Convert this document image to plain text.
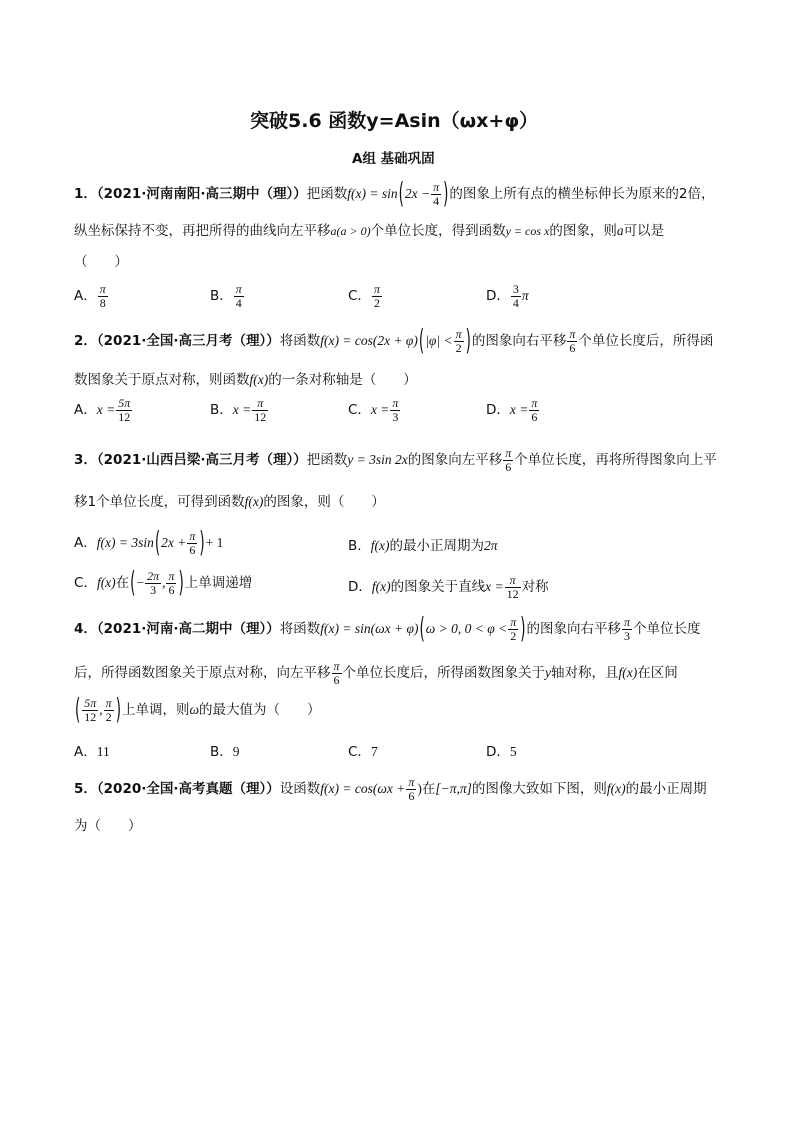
突破5.6 函数y=Asin（ωx+φ）
A组 基础巩固
1．（2021·河南南阳·高三期中（理））把函数$f(x) = \sin(2x - \frac{\pi}{4}$ )的图象上所有点的横坐标伸长为原来的2倍，
纵坐标保持不变，再把所得的曲线向左平移a(a > 0)个单位长度，得到函数y = cos x的图象，则a可以是
（　　）
A． $\frac{\pi}{8}$	B． $\frac{\pi}{4}$	C． $\frac{\pi}{2}$	D． $\frac{3}{4}$ π
2．（2021·全国·高三月考（理））将函数$f(x) = \cos(2x + \varphi)(|\varphi| < \frac{\pi}{2}$ )的图象向右平移 $\frac{\pi}{6}$ 个单位长度后，所得函
数图象关于原点对称，则函数f(x)的一条对称轴是（　　）
A．$x = \frac{5\pi}{12}$	B．$x = \frac{\pi}{12}$	C．$x = \frac{\pi}{3}$	D．$x = \frac{\pi}{6}$
3．（2021·山西吕梁·高三月考（理））把函数y = 3sin 2x的图象向左平移 $\frac{\pi}{6}$ 个单位长度，再将所得图象向上平
移1个单位长度，可得到函数f(x)的图象，则（　　）
A．$f(x) = 3\sin(2x + \frac{\pi}{6}$ )+ 1	B．f(x)的最小正周期为2π
C．f(x)在(− $\frac{2\pi}{3}$ , $\frac{\pi}{6}$ )上单调递增	D．f(x)的图象关于直线$x = \frac{\pi}{12}$ 对称
4．（2021·河南·高二期中（理））将函数f(x) = sin(ωx + φ)(ω > 0, $0 < \varphi < \frac{\pi}{2}$ )的图象向右平移 $\frac{\pi}{3}$ 个单位长度
后，所得函数图象关于原点对称，向左平移 $\frac{\pi}{6}$ 个单位长度后，所得函数图象关于y轴对称，且f(x)在区间
( $\frac{5\pi}{12}$ , $\frac{\pi}{2}$ )上单调，则ω的最大值为（　　）
A．11	B．9	C．7	D．5
5．（2020·全国·高考真题（理））设函数$f(x) = \cos(\omega x + \frac{\pi}{6}$ )在[−π,π]的图像大致如下图，则f(x)的最小正周期
为（　　）
